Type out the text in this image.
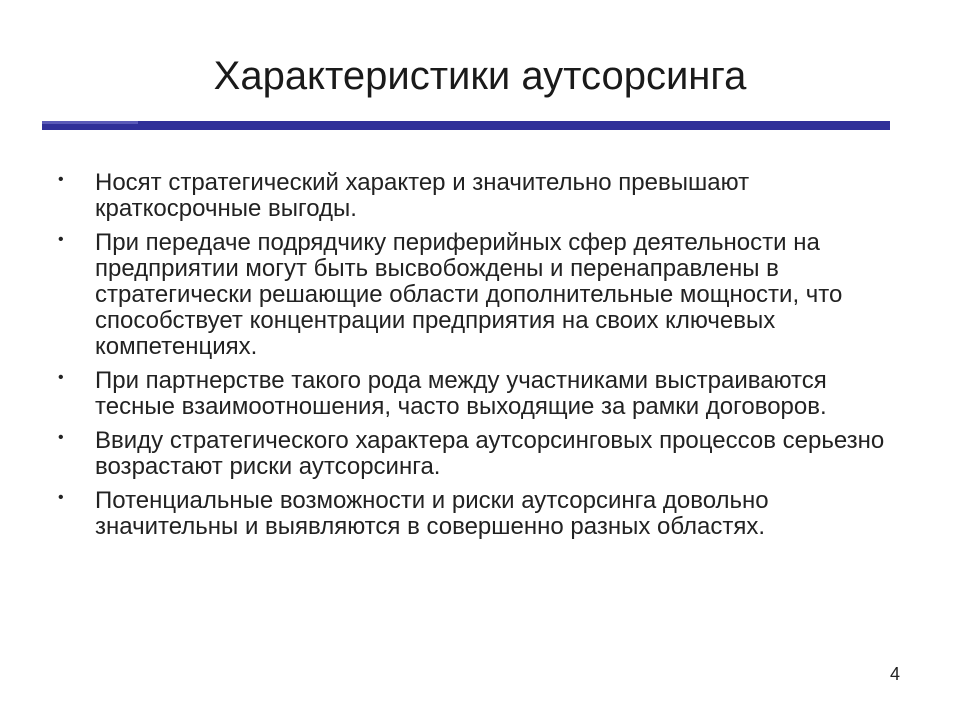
Характеристики аутсорсинга
• Носят стратегический характер и значительно превышают краткосрочные выгоды.
• При передаче подрядчику периферийных сфер деятельности на предприятии могут быть высвобождены и перенаправлены в стратегически решающие области дополнительные мощности, что способствует концентрации предприятия на своих ключевых компетенциях.
• При партнерстве такого рода между участниками выстраиваются тесные взаимоотношения, часто выходящие за рамки договоров.
• Ввиду стратегического характера аутсорсинговых процессов серьезно возрастают риски аутсорсинга.
• Потенциальные возможности и риски аутсорсинга довольно значительны и выявляются в совершенно разных областях.
4
